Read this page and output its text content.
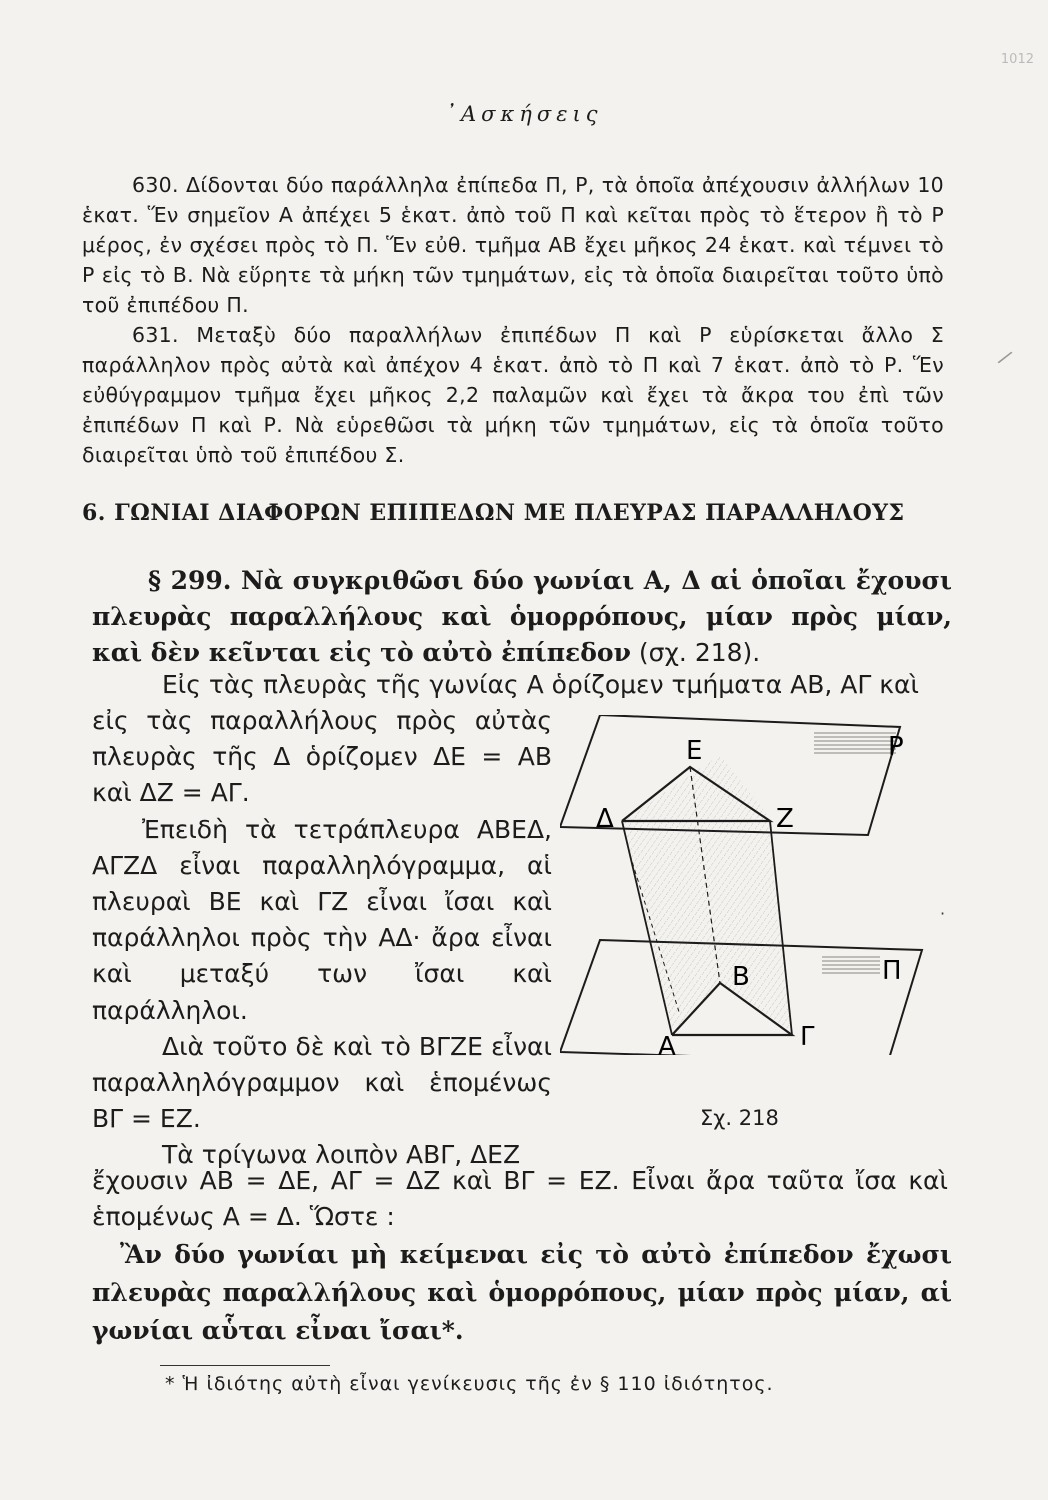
1012
᾿Ασκήσεις

630. Δίδονται δύο παράλληλα ἐπίπεδα Π, Ρ, τὰ ὁποῖα ἀπέχουσιν ἀλλήλων 10 ἑκατ. Ἕν σημεῖον Α ἀπέχει 5 ἑκατ. ἀπὸ τοῦ Π καὶ κεῖται πρὸς τὸ ἕτερον ἢ τὸ Ρ μέρος, ἐν σχέσει πρὸς τὸ Π. Ἕν εὐθ. τμῆμα ΑΒ ἔχει μῆκος 24 ἑκατ. καὶ τέμνει τὸ Ρ εἰς τὸ Β. Νὰ εὕρητε τὰ μήκη τῶν τμημάτων, εἰς τὰ ὁποῖα διαιρεῖται τοῦτο ὑπὸ τοῦ ἐπιπέδου Π.

631. Μεταξὺ δύο παραλλήλων ἐπιπέδων Π καὶ Ρ εὑρίσκεται ἄλλο Σ παράλληλον πρὸς αὐτὰ καὶ ἀπέχον 4 ἑκατ. ἀπὸ τὸ Π καὶ 7 ἑκατ. ἀπὸ τὸ Ρ. Ἕν εὐθύγραμμον τμῆμα ἔχει μῆκος 2,2 παλαμῶν καὶ ἔχει τὰ ἄκρα του ἐπὶ τῶν ἐπιπέδων Π καὶ Ρ. Νὰ εὑρεθῶσι τὰ μήκη τῶν τμημάτων, εἰς τὰ ὁποῖα τοῦτο διαιρεῖται ὑπὸ τοῦ ἐπιπέδου Σ.

/
6. ΓΩΝΙΑΙ ΔΙΑΦΟΡΩΝ ΕΠΙΠΕΔΩΝ ΜΕ ΠΛΕΥΡΑΣ ΠΑΡΑΛΛΗΛΟΥΣ

§ 299. Νὰ συγκριθῶσι δύο γωνίαι Α, Δ αἱ ὁποῖαι ἔχουσι πλευρὰς παραλλήλους καὶ ὁμορρόπους, μίαν πρὸς μίαν, καὶ δὲν κεῖνται εἰς τὸ αὐτὸ ἐπίπεδον (σχ. 218).

Εἰς τὰς πλευρὰς τῆς γωνίας Α ὁρίζομεν τμήματα ΑΒ, ΑΓ καὶ

εἰς τὰς παραλλήλους πρὸς αὐτὰς πλευρὰς τῆς Δ ὁρίζομεν ΔΕ = ΑΒ καὶ ΔΖ = ΑΓ.

Ἐπειδὴ τὰ τετράπλευρα ΑΒΕΔ, ΑΓΖΔ εἶναι παραλληλόγραμμα, αἱ πλευραὶ ΒΕ καὶ ΓΖ εἶναι ἴσαι καὶ παράλληλοι πρὸς τὴν ΑΔ· ἄρα εἶναι καὶ μεταξύ των ἴσαι καὶ παράλληλοι.

Διὰ τοῦτο δὲ καὶ τὸ ΒΓΖΕ εἶναι παραλληλόγραμμον καὶ ἑπομένως ΒΓ = ΕΖ.

Τὰ τρίγωνα λοιπὸν ΑΒΓ, ΔΕΖ

ἔχουσιν ΑΒ = ΔΕ, ΑΓ = ΔΖ καὶ ΒΓ = ΕΖ. Εἶναι ἄρα ταῦτα ἴσα καὶ ἑπομένως Α = Δ. Ὥστε :

·
Ε	Ρ
Δ	Ζ
Β	Π
Α	Γ
Σχ. 218

Ἂν δύο γωνίαι μὴ κείμεναι εἰς τὸ αὐτὸ ἐπίπεδον ἔχωσι πλευρὰς παραλλήλους καὶ ὁμορρόπους, μίαν πρὸς μίαν, αἱ γωνίαι αὗται εἶναι ἴσαι*.

* Ἡ ἰδιότης αὐτὴ εἶναι γενίκευσις τῆς ἐν § 110 ἰδιότητος.
